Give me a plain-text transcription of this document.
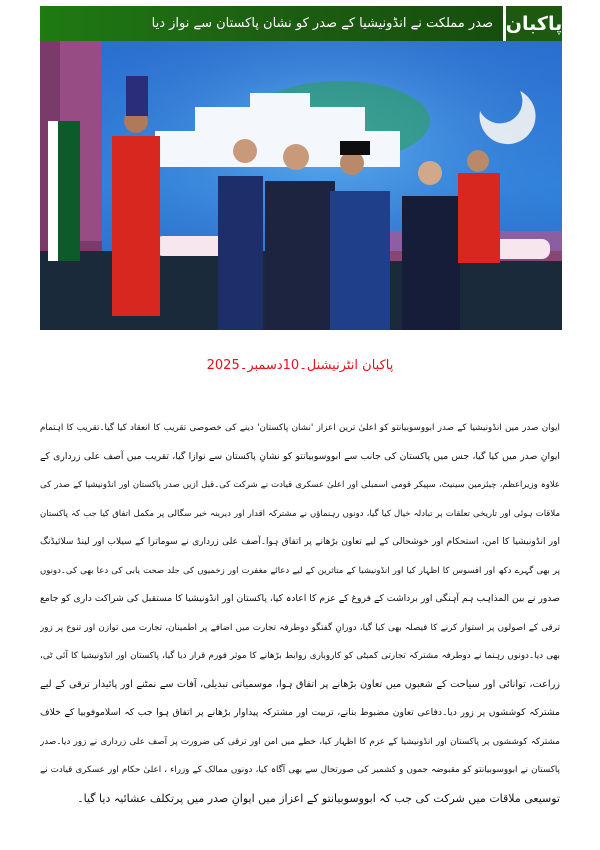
پاکبان
صدر مملکت نے انڈونیشیا کے صدر کو نشان پاکستان سے نواز دیا
پاکبان انٹرنیشنل۔10دسمبر۔2025
ایوان صدر میں انڈونیشیا کے صدر ابووسوبیانتو کو اعلیٰ ترین اعزاز 'نشان پاکستان' دینے کی خصوصی تقریب کا انعقاد کیا گیا۔تقریب کا اہتمام
ایوانِ صدر میں کیا گیا، جس میں پاکستان کی جانب سے ابووسوبیانتو کو نشانِ پاکستان سے نوازا گیا، تقریب میں آصف علی زرداری کے
علاوہ وزیراعظم، چیئرمین سینیٹ، سپیکر قومی اسمبلی اور اعلیٰ عسکری قیادت نے شرکت کی۔قبل ازیں صدر پاکستان اور انڈونیشیا کے صدر کی
ملاقات ہوئی اور تاریخی تعلقات پر تبادلہ خیال کیا گیا، دونوں رہنماؤں نے مشترکہ اقدار اور دیرینہ خیر سگالی پر مکمل اتفاق کیا جب کہ پاکستان
اور انڈونیشیا کا امن، استحکام اور خوشحالی کے لیے تعاون بڑھانے پر اتفاق ہوا۔آصف علی زرداری نے سوماترا کے سیلاب اور لینڈ سلائیڈنگ
پر بھی گہرے دکھ اور افسوس کا اظہار کیا اور انڈونیشیا کے متاثرین کے لیے دعائے مغفرت اور زخمیوں کی جلد صحت یابی کی دعا بھی کی۔دونوں
صدور نے بین المذاہب ہم آہنگی اور برداشت کے فروغ کے عزم کا اعادہ کیا، پاکستان اور انڈونیشیا کا مستقبل کی شراکت داری کو جامع
ترقی کے اصولوں پر استوار کرنے کا فیصلہ بھی کیا گیا، دورانِ گفتگو دوطرفہ تجارت میں اضافے پر اطمینان، تجارت میں توازن اور تنوع پر زور
بھی دیا۔دونوں رہنما نے دوطرفہ مشترکہ تجارتی کمیٹی کو کاروباری روابط بڑھانے کا موثر فورم قرار دیا گیا، پاکستان اور انڈونیشیا کا آئی ٹی،
زراعت، توانائی اور سیاحت کے شعبوں میں تعاون بڑھانے پر اتفاق ہوا، موسمیاتی تبدیلی، آفات سے نمٹنے اور پائیدار ترقی کے لیے
مشترکہ کوششوں پر زور دیا۔دفاعی تعاون مضبوط بنانے، تربیت اور مشترکہ پیداوار بڑھانے پر اتفاق ہوا جب کہ اسلاموفوبیا کے خلاف
مشترکہ کوششوں پر پاکستان اور انڈونیشیا کے عزم کا اظہار کیا، خطے میں امن اور ترقی کی ضرورت پر آصف علی زرداری نے زور دیا۔صدر
پاکستان نے ابووسوبیانتو کو مقبوضہ جموں و کشمیر کی صورتحال سے بھی آگاہ کیا، دونوں ممالک کے وزراء ، اعلیٰ حکام اور عسکری قیادت نے
توسیعی ملاقات میں شرکت کی جب کہ ابووسوبیانتو کے اعزاز میں ایوانِ صدر میں پرتکلف عشائیہ دیا گیا۔
